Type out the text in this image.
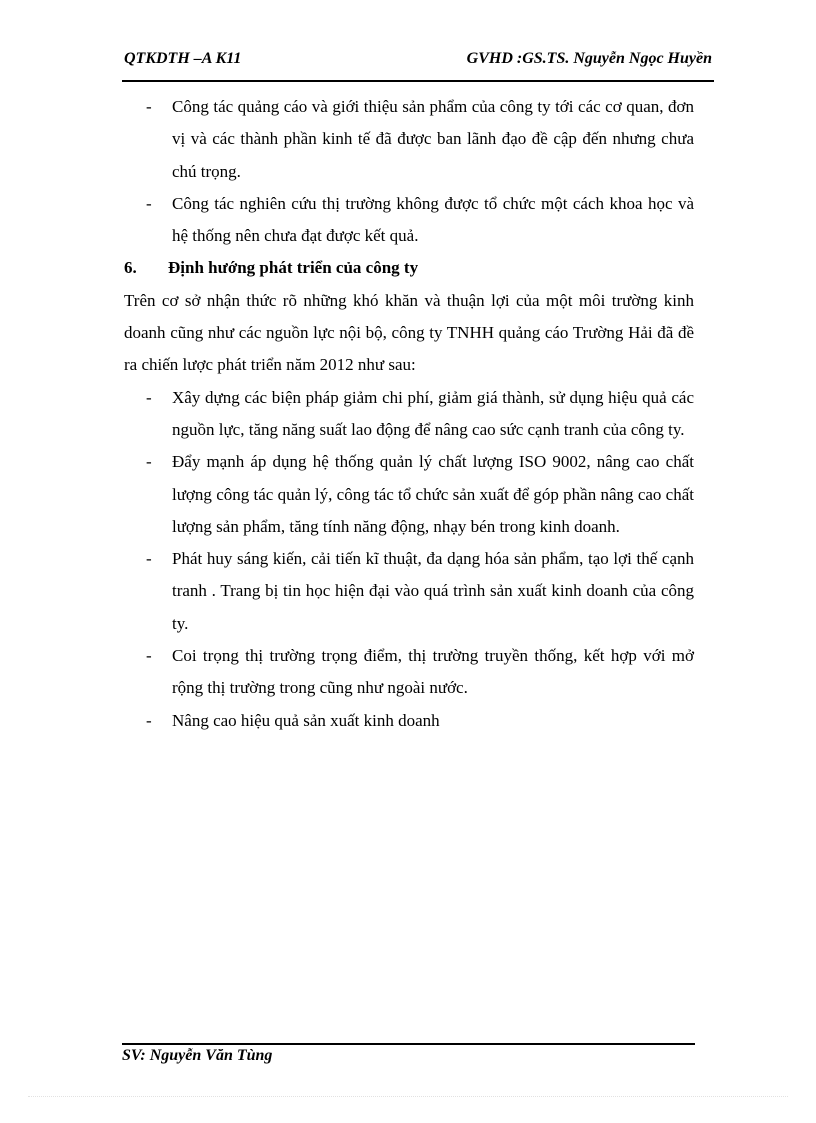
QTKDTH –A K11	GVHD :GS.TS. Nguyễn Ngọc Huyền
- Công tác quảng cáo và giới thiệu sản phẩm của công ty tới các cơ quan, đơn vị và các thành phần kinh tế đã được ban lãnh đạo đề cập đến nhưng chưa chú trọng.
- Công tác nghiên cứu thị trường không được tổ chức một cách khoa học và hệ thống nên chưa đạt được kết quả.
6. Định hướng phát triển của công ty
Trên cơ sở nhận thức rõ những khó khăn và thuận lợi của một môi trường kinh doanh cũng như các nguồn lực nội bộ, công ty TNHH quảng cáo Trường Hải đã đề ra chiến lược phát triển năm 2012 như sau:
- Xây dựng các biện pháp giảm chi phí, giảm giá thành, sử dụng hiệu quả các nguồn lực, tăng năng suất lao động để nâng cao sức cạnh tranh của công ty.
- Đẩy mạnh áp dụng hệ thống quản lý chất lượng ISO 9002, nâng cao chất lượng công tác quản lý, công tác tổ chức sản xuất để góp phần nâng cao chất lượng sản phẩm, tăng tính năng động, nhạy bén trong kinh doanh.
- Phát huy sáng kiến, cải tiến kĩ thuật, đa dạng hóa sản phẩm, tạo lợi thế cạnh tranh . Trang bị tin học hiện đại vào quá trình sản xuất kinh doanh của công ty.
- Coi trọng thị trường trọng điểm, thị trường truyền thống, kết hợp với mở rộng thị trường trong cũng như ngoài nước.
- Nâng cao hiệu quả sản xuất kinh doanh
SV: Nguyễn Văn Tùng
